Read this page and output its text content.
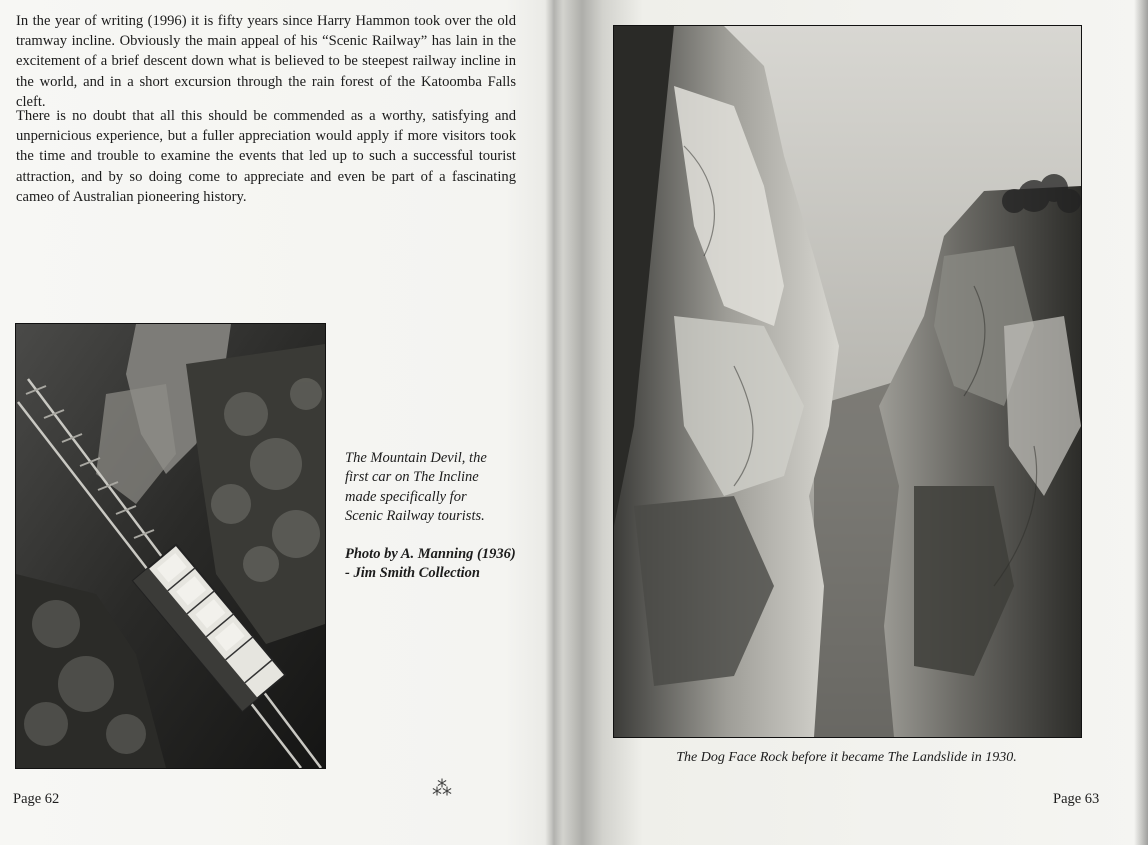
In the year of writing (1996) it is fifty years since Harry Hammon took over the old tramway incline. Obviously the main appeal of his “Scenic Railway” has lain in the excitement of a brief descent down what is believed to be steepest railway incline in the world, and in a short excursion through the rain forest of the Katoomba Falls cleft.

There is no doubt that all this should be commended as a worthy, satisfying and unpernicious experience, but a fuller appreciation would apply if more visitors took the time and trouble to examine the events that led up to such a successful tourist attraction, and by so doing come to appreciate and even be part of a fascinating cameo of Australian pioneering history.

The Mountain Devil, the
first car on The Incline
made specifically for
Scenic Railway tourists.
Photo by A. Manning (1936)
- Jim Smith Collection
Page 62	⁂
The Dog Face Rock before it became The Landslide in 1930.
Page 63
